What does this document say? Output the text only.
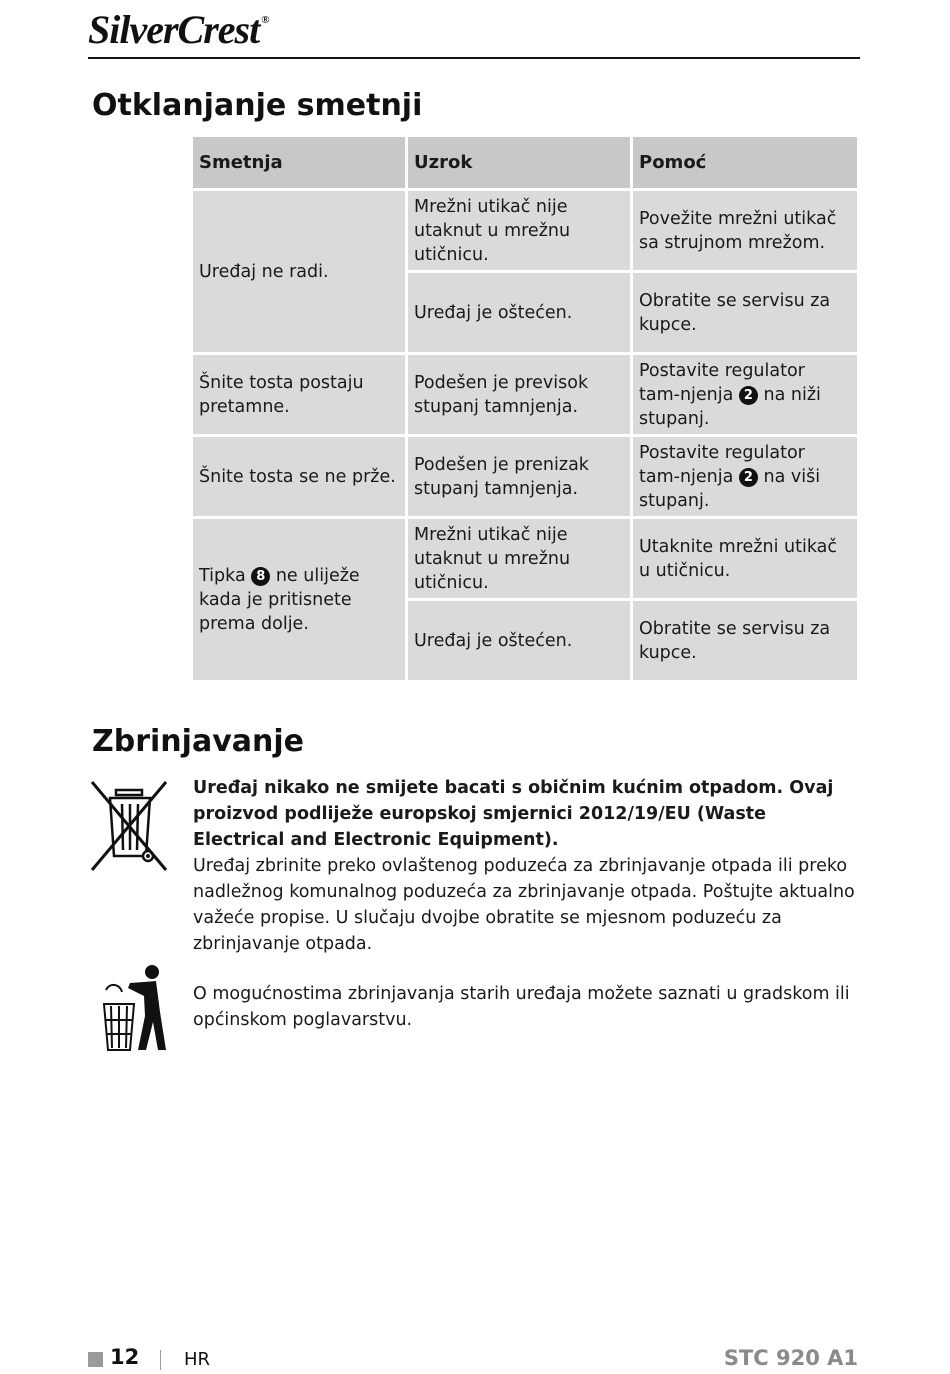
SilverCrest ®
Otklanjanje smetnji
Smetnja	Uzrok	Pomoć
Uređaj ne radi.	Mrežni utikač nije utaknut u mrežnu utičnicu.	Povežite mrežni utikač sa strujnom mrežom.
	Uređaj je oštećen.	Obratite se servisu za kupce.
Šnite tosta postaju pretamne.	Podešen je previsok stupanj tamnjenja.	Postavite regulator tam-njenja 2 na niži stupanj.
Šnite tosta se ne prže.	Podešen je prenizak stupanj tamnjenja.	Postavite regulator tam-njenja 2 na viši stupanj.
Tipka 8 ne uliježe kada je pritisnete prema dolje.	Mrežni utikač nije utaknut u mrežnu utičnicu.	Utaknite mrežni utikač u utičnicu.
	Uređaj je oštećen.	Obratite se servisu za kupce.
Zbrinjavanje
Uređaj nikako ne smijete bacati s običnim kućnim otpadom. Ovaj proizvod podliježe europskoj smjernici 2012/19/EU (Waste Electrical and Electronic Equipment).
Uređaj zbrinite preko ovlaštenog poduzeća za zbrinjavanje otpada ili preko nadležnog komunalnog poduzeća za zbrinjavanje otpada. Poštujte aktualno važeće propise. U slučaju dvojbe obratite se mjesnom poduzeću za zbrinjavanje otpada.
O mogućnostima zbrinjavanja starih uređaja možete saznati u gradskom ili općinskom poglavarstvu.
12 HR	STC 920 A1
